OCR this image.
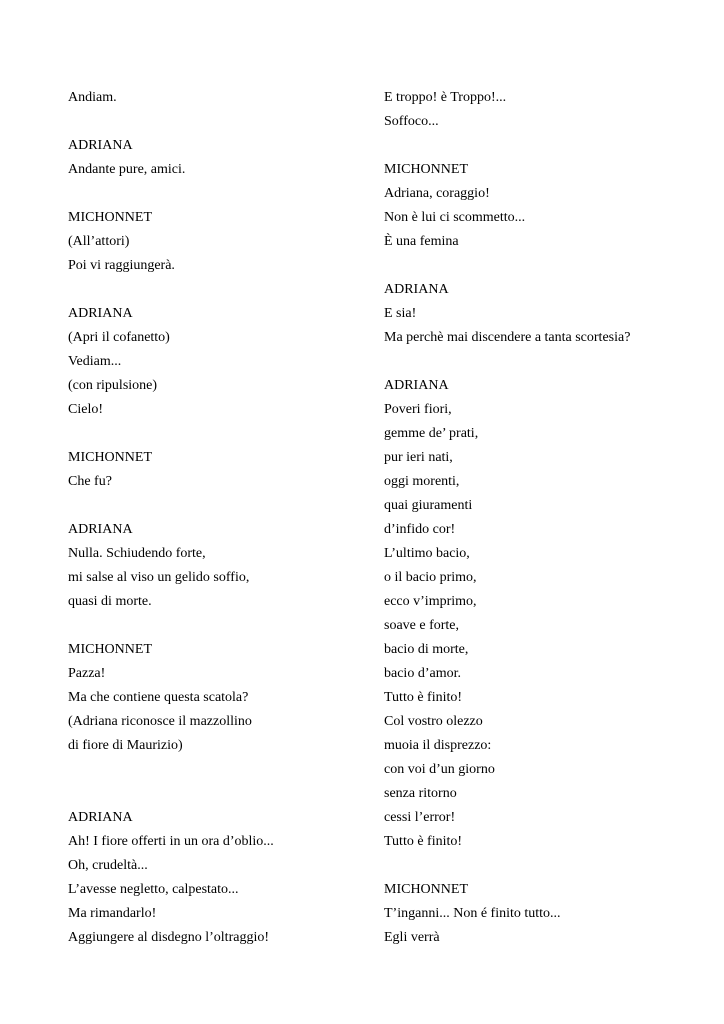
Andiam.
ADRIANA
Andante pure, amici.
MICHONNET
(All’attori)
Poi vi raggiungerà.
ADRIANA
(Apri il cofanetto)
Vediam...
(con ripulsione)
Cielo!
MICHONNET
Che fu?
ADRIANA
Nulla. Schiudendo forte,
mi salse al viso un gelido soffio,
quasi di morte.
MICHONNET
Pazza!
Ma che contiene questa scatola?
(Adriana riconosce il mazzollino
di fiore di Maurizio)
ADRIANA
Ah! I fiore offerti in un ora d’oblio...
Oh, crudeltà...
L’avesse negletto, calpestato...
Ma rimandarlo!
Aggiungere al disdegno l’oltraggio!
E troppo! è Troppo!...
Soffoco...
MICHONNET
Adriana, coraggio!
Non è lui ci scommetto...
È una femina
ADRIANA
E sia!
Ma perchè mai discendere a tanta scortesia?
ADRIANA
Poveri fiori,
gemme de’ prati,
pur ieri nati,
oggi morenti,
quai giuramenti
d’infido cor!
L’ultimo bacio,
o il bacio primo,
ecco v’imprimo,
soave e forte,
bacio di morte,
bacio d’amor.
Tutto è finito!
Col vostro olezzo
muoia il disprezzo:
con voi d’un giorno
senza ritorno
cessi l’error!
Tutto è finito!
MICHONNET
T’inganni... Non é finito tutto...
Egli verrà
